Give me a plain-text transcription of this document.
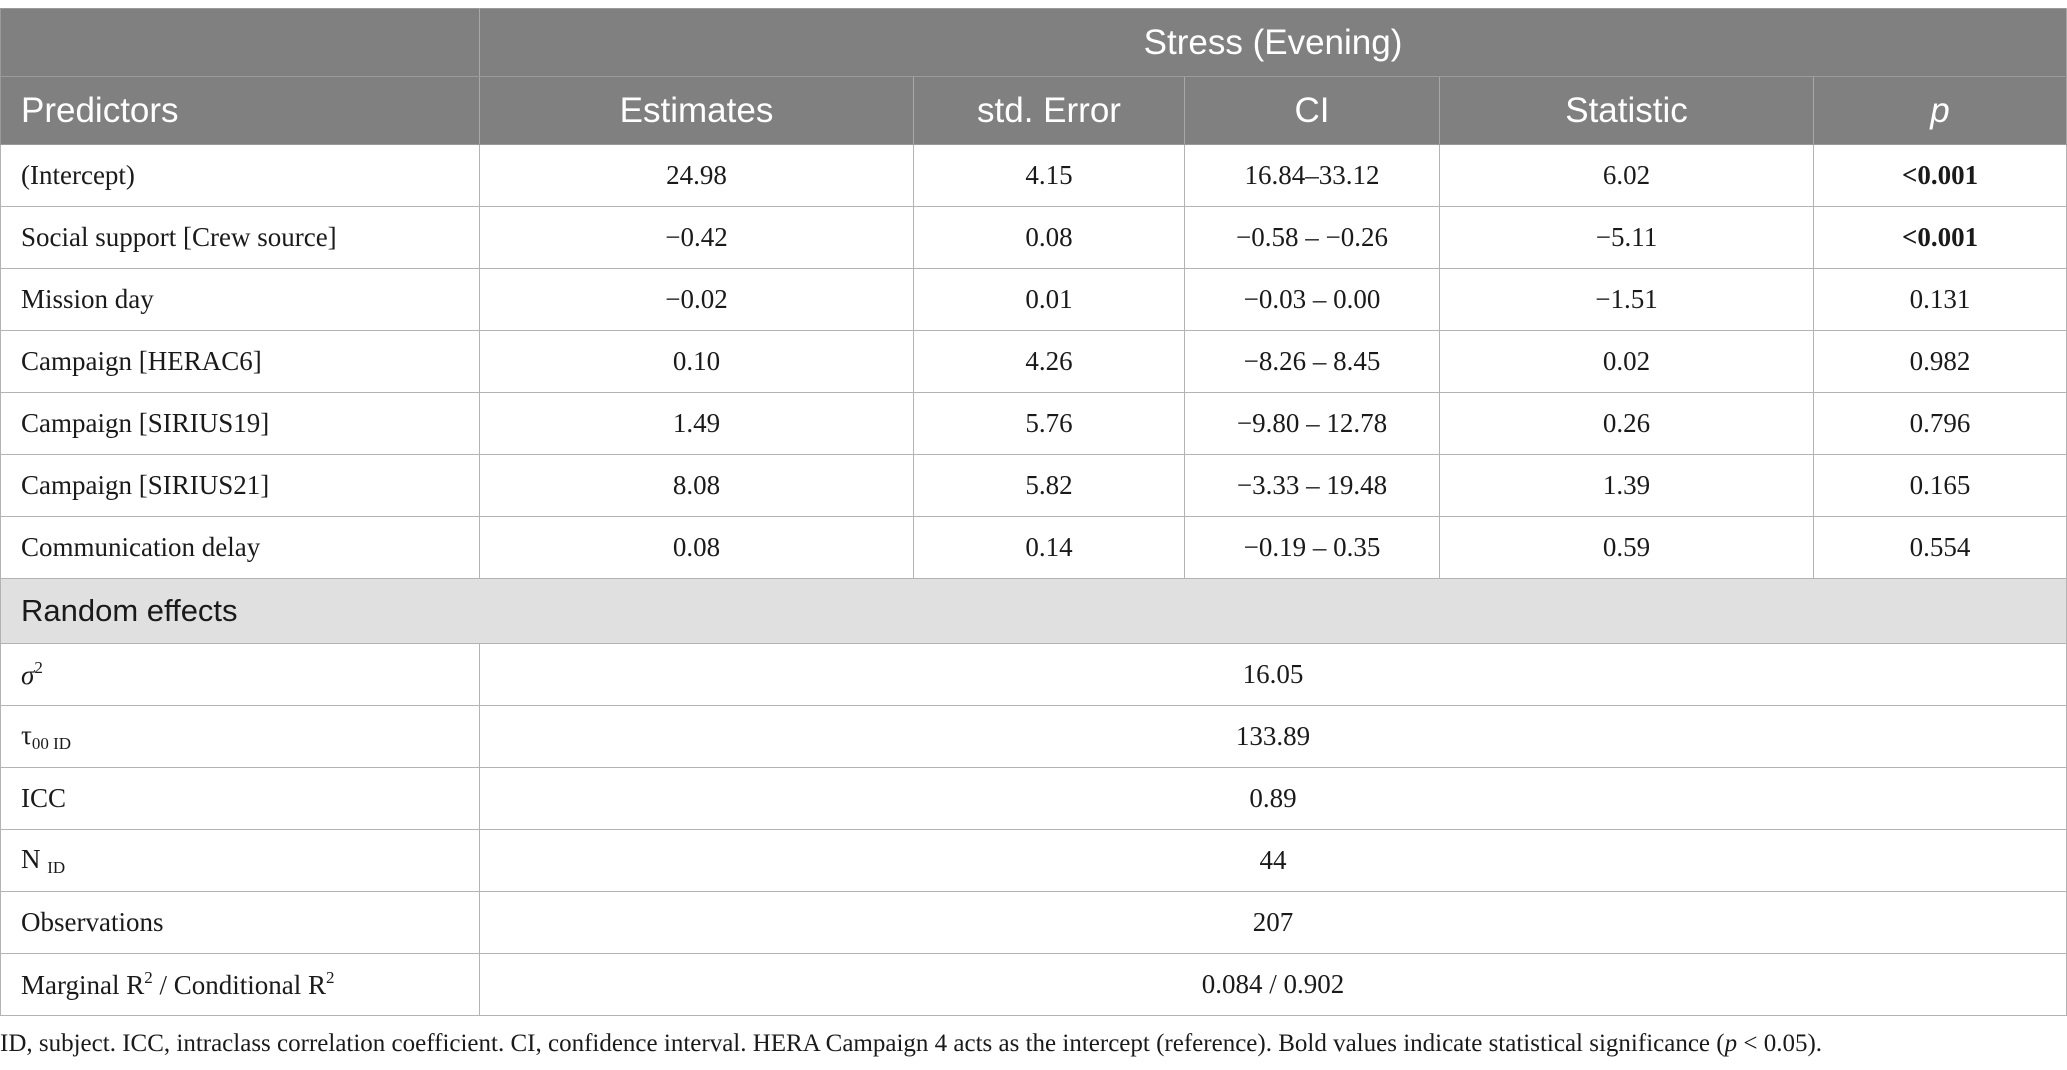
	Stress (Evening)				
Predictors	Estimates	std. Error	CI	Statistic	p
(Intercept)	24.98	4.15	16.84–33.12	6.02	<0.001
Social support [Crew source]	−0.42	0.08	−0.58 – −0.26	−5.11	<0.001
Mission day	−0.02	0.01	−0.03 – 0.00	−1.51	0.131
Campaign [HERAC6]	0.10	4.26	−8.26 – 8.45	0.02	0.982
Campaign [SIRIUS19]	1.49	5.76	−9.80 – 12.78	0.26	0.796
Campaign [SIRIUS21]	8.08	5.82	−3.33 – 19.48	1.39	0.165
Communication delay	0.08	0.14	−0.19 – 0.35	0.59	0.554
Random effects					
$\sigma^2$	16.05				
$\tau_{00 ID}$	133.89				
ICC	0.89				
N $_{ID}$	44				
Observations	207				
Marginal $R^2$ / Conditional $R^2$	0.084 / 0.902				
ID, subject. ICC, intraclass correlation coefficient. CI, confidence interval. HERA Campaign 4 acts as the intercept (reference). Bold values indicate statistical significance (p < 0.05).
